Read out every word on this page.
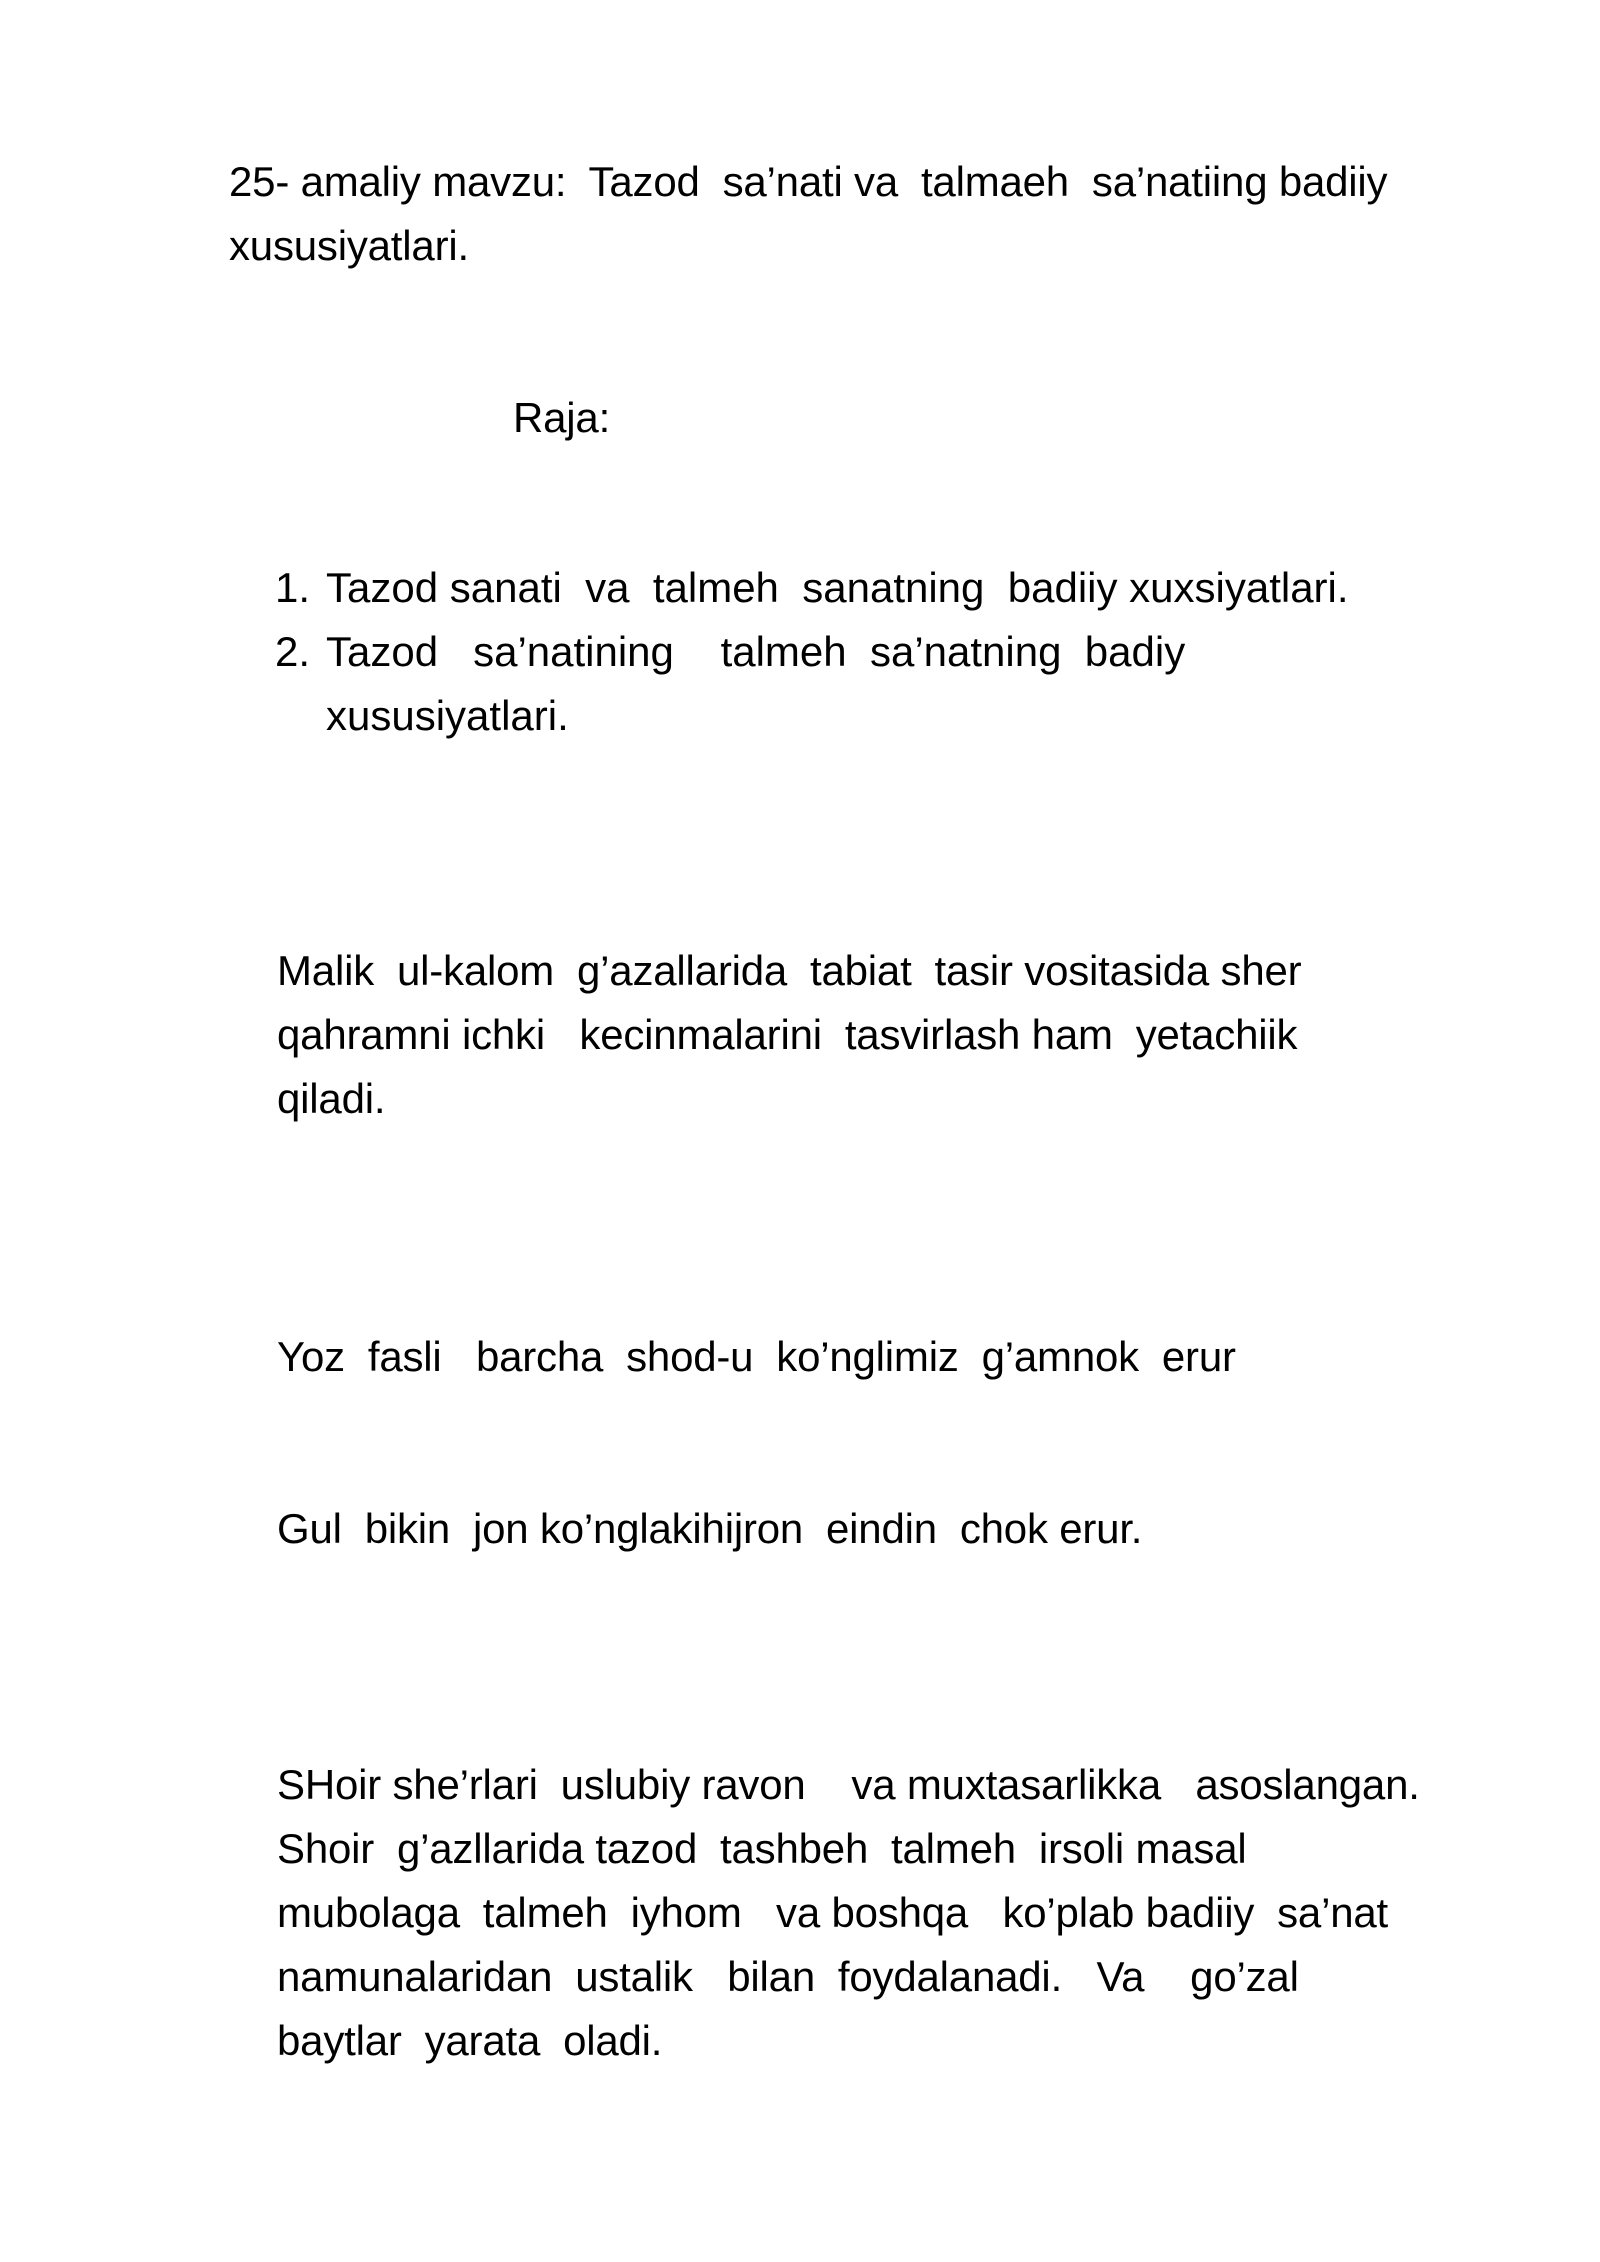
25- amaliy mavzu:  Tazod  sa’nati va  talmaeh  sa’natiing badiiy
xususiyatlari.
Raja:
1. Tazod sanati  va  talmeh  sanatning  badiiy xuxsiyatlari.
2. Tazod   sa’natining    talmeh  sa’natning  badiy
xususiyatlari.
Malik  ul-kalom  g’azallarida  tabiat  tasir vositasida sher
qahramni ichki   kecinmalarini  tasvirlash ham  yetachiik
qiladi.
Yoz  fasli   barcha  shod-u  ko’nglimiz  g’amnok  erur
Gul  bikin  jon ko’nglakihijron  eindin  chok erur.
SHoir she’rlari  uslubiy ravon    va muxtasarlikka   asoslangan.
Shoir  g’azllarida tazod  tashbeh  talmeh  irsoli masal
mubolaga  talmeh  iyhom   va boshqa   ko’plab badiiy  sa’nat
namunalaridan  ustalik   bilan  foydalanadi.   Va    go’zal
baytlar  yarata  oladi.
